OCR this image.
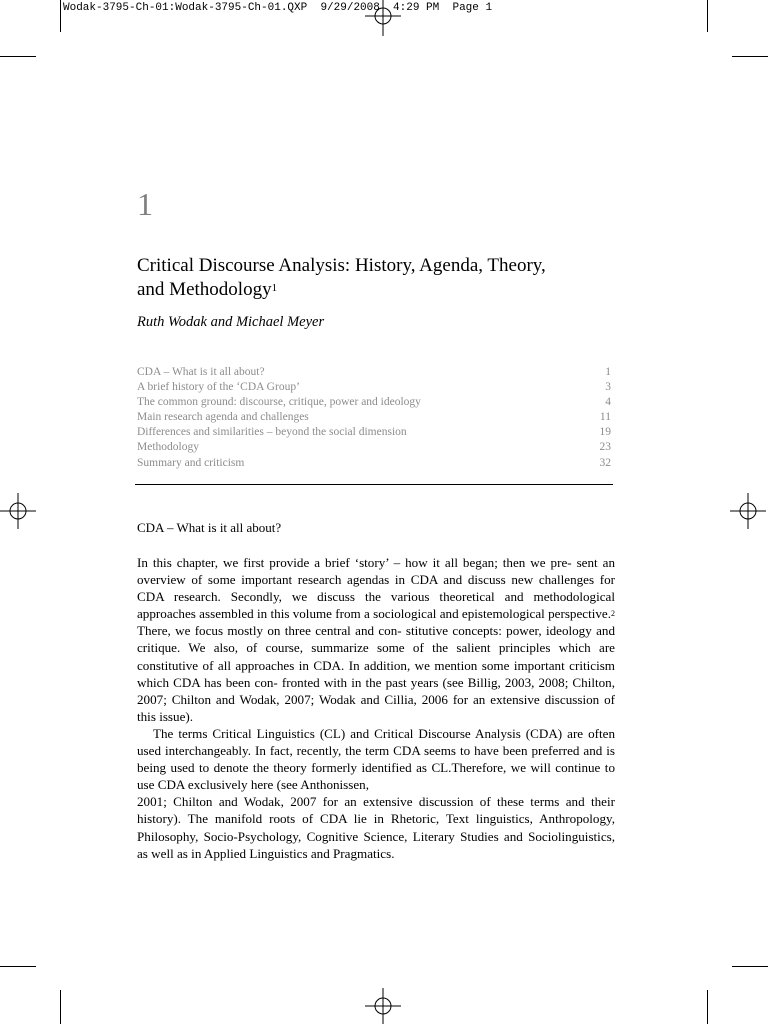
Wodak-3795-Ch-01:Wodak-3795-Ch-01.QXP  9/29/2008  4:29 PM  Page 1
1
Critical Discourse Analysis: History, Agenda, Theory, and Methodology$^1$
Ruth Wodak and Michael Meyer
CDA – What is it all about?	1
A brief history of the ‘CDA Group’	3
The common ground: discourse, critique, power and ideology	4
Main research agenda and challenges	11
Differences and similarities – beyond the social dimension	19
Methodology	23
Summary and criticism	32
CDA – What is it all about?

In this chapter, we first provide a brief ‘story’ – how it all began; then we pre- sent an overview of some important research agendas in CDA and discuss new challenges for CDA research. Secondly, we discuss the various theoretical and methodological approaches assembled in this volume from a sociological and epistemological perspective.$^2$ There, we focus mostly on three central and con- stitutive concepts: power, ideology and critique. We also, of course, summarize some of the salient principles which are constitutive of all approaches in CDA. In addition, we mention some important criticism which CDA has been con- fronted with in the past years (see Billig, 2003, 2008; Chilton, 2007; Chilton and Wodak, 2007; Wodak and Cillia, 2006 for an extensive discussion of this issue).

The terms Critical Linguistics (CL) and Critical Discourse Analysis (CDA) are often used interchangeably. In fact, recently, the term CDA seems to have been preferred and is being used to denote the theory formerly identified as CL.Therefore, we will continue to use CDA exclusively here (see Anthonissen,

2001; Chilton and Wodak, 2007 for an extensive discussion of these terms and their history). The manifold roots of CDA lie in Rhetoric, Text linguistics, Anthropology, Philosophy, Socio-Psychology, Cognitive Science, Literary Studies and Sociolinguistics, as well as in Applied Linguistics and Pragmatics.
